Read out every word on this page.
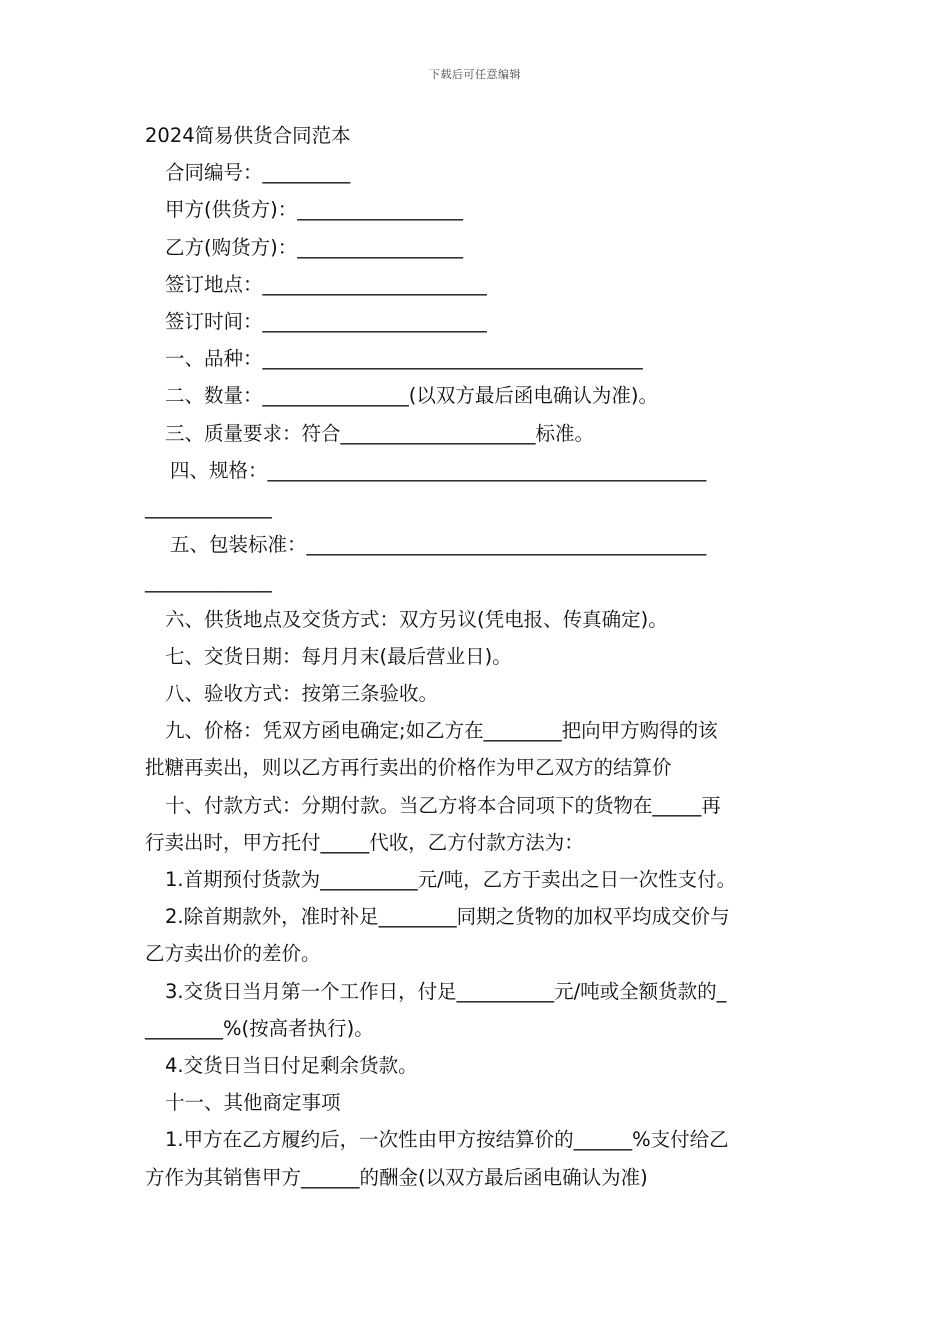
下载后可任意编辑

2024简易供货合同范本

合同编号：_________

甲方(供货方)：_________________

乙方(购货方)：_________________

签订地点：_______________________

签订时间：_______________________

一、品种：_______________________________________

二、数量：_______________(以双方最后函电确认为准)。

三、质量要求：符合____________________标准。

四、规格：_____________________________________________

_____________

五、包装标准：_________________________________________

_____________

六、供货地点及交货方式：双方另议(凭电报、传真确定)。

七、交货日期：每月月末(最后营业日)。

八、验收方式：按第三条验收。

九、价格：凭双方函电确定;如乙方在________把向甲方购得的该

批糖再卖出，则以乙方再行卖出的价格作为甲乙双方的结算价

十、付款方式：分期付款。当乙方将本合同项下的货物在_____再

行卖出时，甲方托付_____代收，乙方付款方法为：

1.首期预付货款为__________元/吨，乙方于卖出之日一次性支付。

2.除首期款外，准时补足________同期之货物的加权平均成交价与

乙方卖出价的差价。

3.交货日当月第一个工作日，付足__________元/吨或全额货款的_

________%(按高者执行)。

4.交货日当日付足剩余货款。

十一、其他商定事项

1.甲方在乙方履约后，一次性由甲方按结算价的______%支付给乙

方作为其销售甲方______的酬金(以双方最后函电确认为准)
